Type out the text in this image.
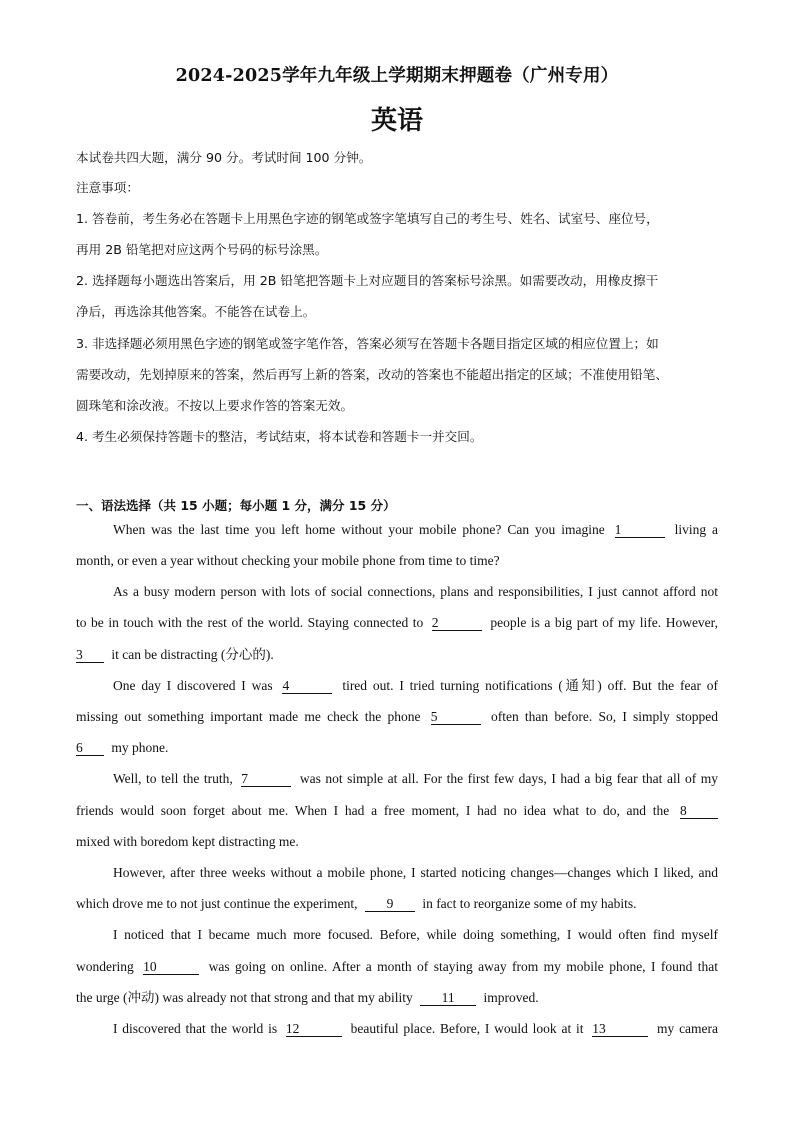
2024-2025学年九年级上学期期末押题卷（广州专用）
英语
本试卷共四大题，满分 90 分。考试时间 100 分钟。
注意事项：
1. 答卷前，考生务必在答题卡上用黑色字迹的钢笔或签字笔填写自己的考生号、姓名、试室号、座位号，
再用 2B 铅笔把对应这两个号码的标号涂黑。
2. 选择题每小题选出答案后，用 2B 铅笔把答题卡上对应题目的答案标号涂黑。如需要改动，用橡皮擦干
净后，再选涂其他答案。不能答在试卷上。
3. 非选择题必须用黑色字迹的钢笔或签字笔作答，答案必须写在答题卡各题目指定区域的相应位置上；如
需要改动，先划掉原来的答案，然后再写上新的答案，改动的答案也不能超出指定的区域；不准使用铅笔、
圆珠笔和涂改液。不按以上要求作答的答案无效。
4. 考生必须保持答题卡的整洁，考试结束，将本试卷和答题卡一并交回。
一、语法选择（共 15 小题；每小题 1 分，满分 15 分）
When was the last time you left home without your mobile phone? Can you imagine 1	living a
month, or even a year without checking your mobile phone from time to time?
As a busy modern person with lots of social connections, plans and responsibilities, I just cannot afford not
to be in touch with the rest of the world. Staying connected to 2	people is a big part of my life. However,
3 it can be distracting (分心的).
One day I discovered I was 4	tired out. I tried turning notifications (通知) off. But the fear of
missing out something important made me check the phone 5	often than before. So, I simply stopped
6 my phone.
Well, to tell the truth, 7	was not simple at all. For the first few days, I had a big fear that all of my
friends would soon forget about me. When I had a free moment, I had no idea what to do, and the 8
mixed with boredom kept distracting me.
However, after three weeks without a mobile phone, I started noticing changes—changes which I liked, and
which drove me to not just continue the experiment, 9 in fact to reorganize some of my habits.
I noticed that I became much more focused. Before, while doing something, I would often find myself
wondering 10	was going on online. After a month of staying away from my mobile phone, I found that
the urge (冲动) was already not that strong and that my ability 11 improved.
I discovered that the world is 12	beautiful place. Before, I would look at it 13	my camera
